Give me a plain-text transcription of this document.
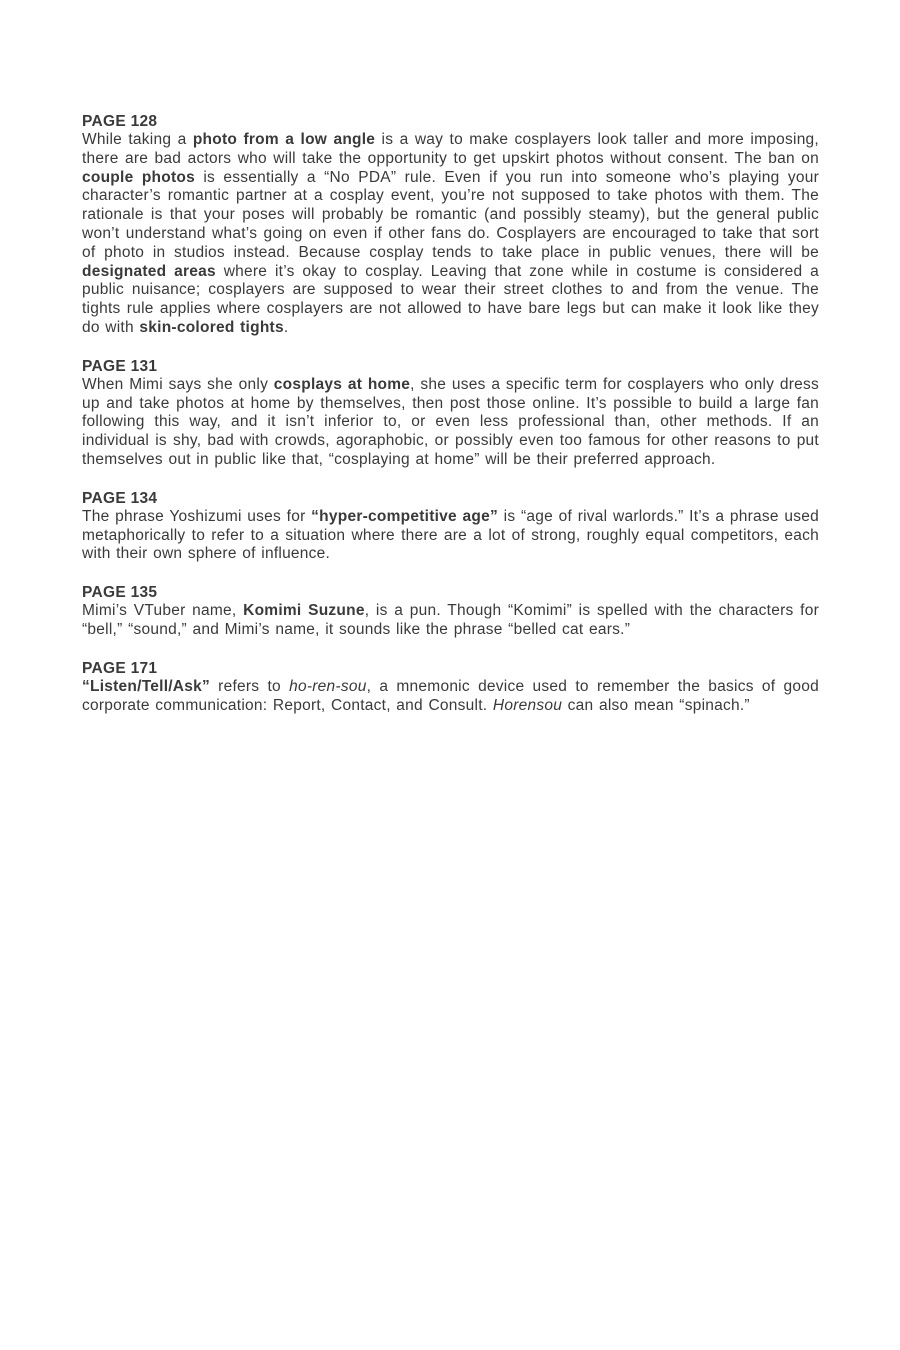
PAGE 128

While taking a photo from a low angle is a way to make cosplayers look taller and more imposing, there are bad actors who will take the opportunity to get upskirt photos without consent. The ban on couple photos is essentially a “No PDA” rule. Even if you run into someone who’s playing your character’s romantic partner at a cosplay event, you’re not supposed to take photos with them. The rationale is that your poses will probably be romantic (and possibly steamy), but the general public won’t understand what’s going on even if other fans do. Cosplayers are encouraged to take that sort of photo in studios instead. Because cosplay tends to take place in public venues, there will be designated areas where it’s okay to cosplay. Leaving that zone while in costume is considered a public nuisance; cosplayers are supposed to wear their street clothes to and from the venue. The tights rule applies where cosplayers are not allowed to have bare legs but can make it look like they do with skin-colored tights.

PAGE 131

When Mimi says she only cosplays at home, she uses a specific term for cosplayers who only dress up and take photos at home by themselves, then post those online. It’s possible to build a large fan following this way, and it isn’t inferior to, or even less professional than, other methods. If an individual is shy, bad with crowds, agoraphobic, or possibly even too famous for other reasons to put themselves out in public like that, “cosplaying at home” will be their preferred approach.

PAGE 134

The phrase Yoshizumi uses for “hyper-competitive age” is “age of rival warlords.” It’s a phrase used metaphorically to refer to a situation where there are a lot of strong, roughly equal competitors, each with their own sphere of influence.

PAGE 135

Mimi’s VTuber name, Komimi Suzune, is a pun. Though “Komimi” is spelled with the characters for “bell,” “sound,” and Mimi’s name, it sounds like the phrase “belled cat ears.”

PAGE 171

“Listen/Tell/Ask” refers to ho-ren-sou, a mnemonic device used to remember the basics of good corporate communication: Report, Contact, and Consult. Horensou can also mean “spinach.”
